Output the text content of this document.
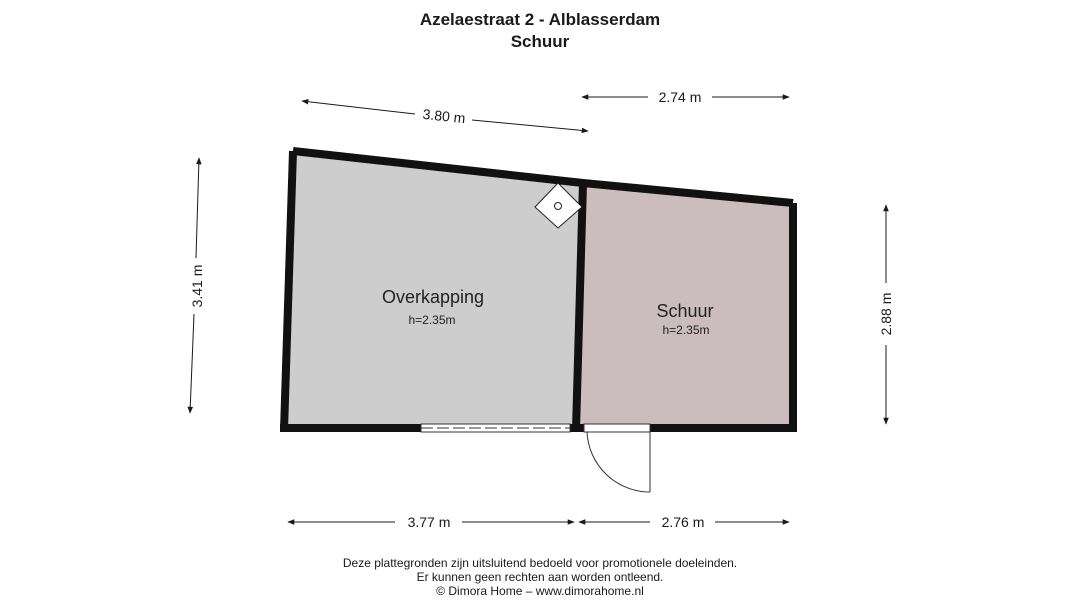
Azelaestraat 2 - Alblasserdam
Schuur
3.80 m
2.74 m
3.41 m
2.88 m
3.77 m	2.76 m
Overkapping
h=2.35m	Schuur
h=2.35m
Deze plattegronden zijn uitsluitend bedoeld voor promotionele doeleinden.
Er kunnen geen rechten aan worden ontleend.
© Dimora Home – www.dimorahome.nl
